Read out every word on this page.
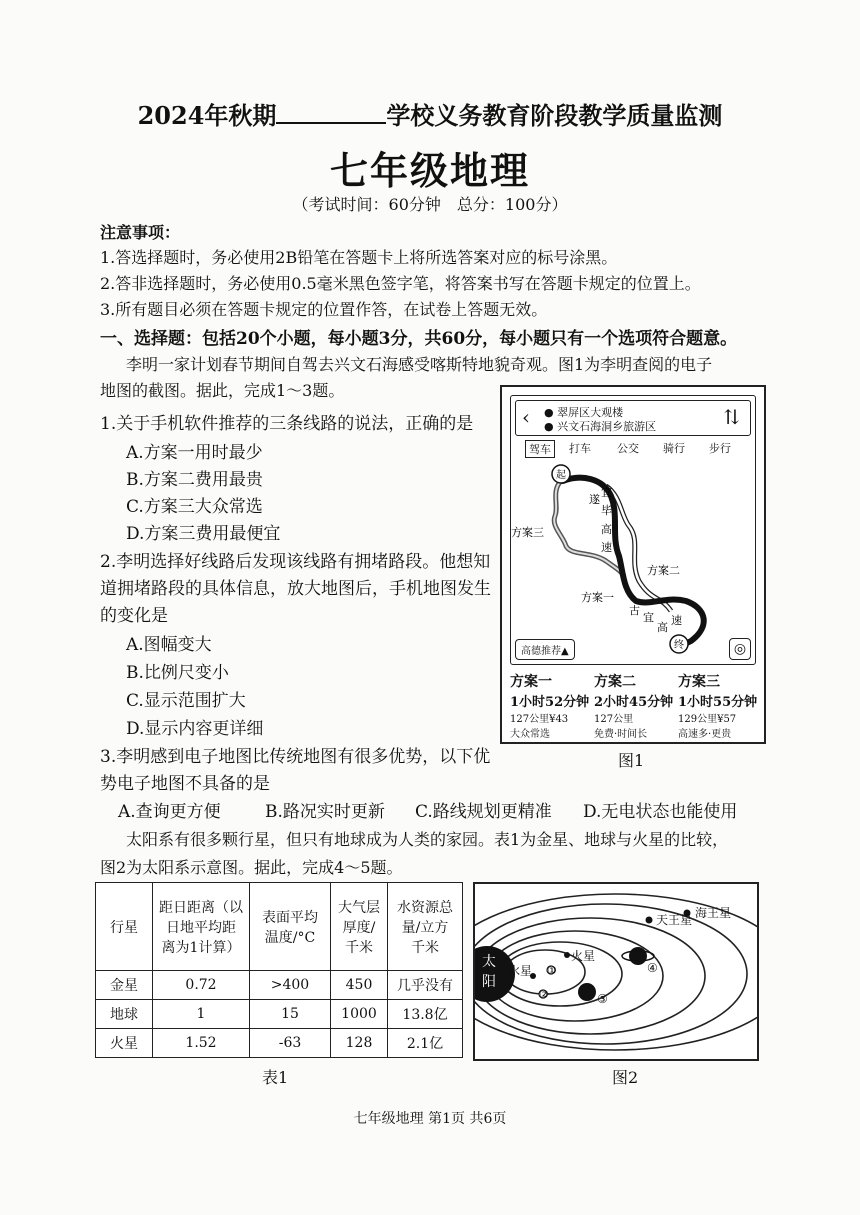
2024年秋期	学校义务教育阶段教学质量监测
七年级地理
（考试时间：60分钟　总分：100分）
注意事项：
1.答选择题时，务必使用2B铅笔在答题卡上将所选答案对应的标号涂黑。
2.答非选择题时，务必使用0.5毫米黑色签字笔，将答案书写在答题卡规定的位置上。
3.所有题目必须在答题卡规定的位置作答，在试卷上答题无效。
一、选择题：包括20个小题，每小题3分，共60分，每小题只有一个选项符合题意。
李明一家计划春节期间自驾去兴文石海感受喀斯特地貌奇观。图1为李明查阅的电子
地图的截图。据此，完成1～3题。
1.关于手机软件推荐的三条线路的说法，正确的是
A.方案一用时最少
B.方案二费用最贵
C.方案三大众常选
D.方案三费用最便宜
2.李明选择好线路后发现该线路有拥堵路段。他想知
道拥堵路段的具体信息，放大地图后，手机地图发生
的变化是
A.图幅变大
B.比例尺变小
C.显示范围扩大
D.显示内容更详细
3.李明感到电子地图比传统地图有很多优势，以下优
势电子地图不具备的是
A.查询更方便	B.路况实时更新 C.路线规划更精准 D.无电状态也能使用
太阳系有很多颗行星，但只有地球成为人类的家园。表1为金星、地球与火星的比较，
图2为太阳系示意图。据此，完成4～5题。
‹ ● 翠屏区大观楼
● 兴文石海洞乡旅游区	⇅
驾车	打车 公交 骑行 步行
起
终
遂
宜
毕
高
速
古
宜
高
速
方案三
方案二
方案一
高德推荐▲	◎
方案一
1小时52分钟
127公里¥43
大众常选
方案二
2小时45分钟
127公里
免费·时间长
方案三
1小时55分钟
129公里¥57
高速多·更贵
图1
行星	距日距离（以
日地平均距
离为1计算）	表面平均
温度/°C	大气层
厚度/
千米	水资源总
量/立方
千米
金星	0.72	>400	450	几乎没有
地球	1	15	1000	13.8亿
火星	1.52	-63	128	2.1亿
表1
太
阳
水星
火星
天王星 海王星
①
②	③
④
图2
七年级地理 第1页 共6页
